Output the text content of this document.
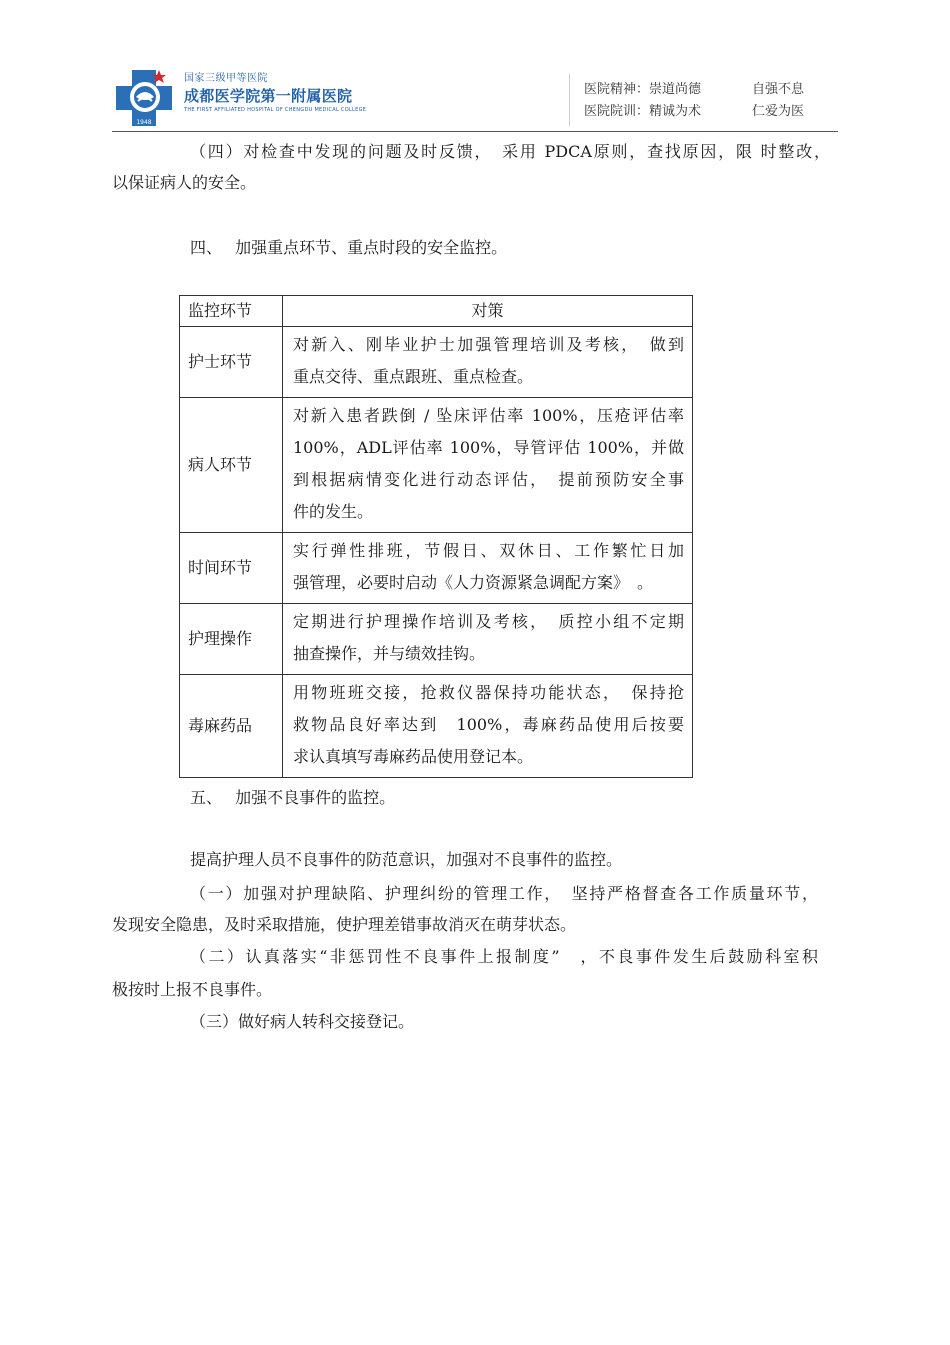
1948
国家三级甲等医院
成都医学院第一附属医院
THE FIRST AFFILIATED HOSPITAL OF CHENGDU MEDICAL COLLEGE
医院精神：崇道尚德	自强不息
医院院训：精诚为术	仁爱为医
（四）对检查中发现的问题及时反馈，　采用 PDCA原则，查找原因，限 时整改，
以保证病人的安全。
四、　 加强重点环节、重点时段的安全监控。
监控环节	对策
护士环节	对新入、刚毕业护士加强管理培训及考核，　做到
重点交待、重点跟班、重点检查。

病人环节	对新入患者跌倒 / 坠床评估率 100%，压疮评估率
100%，ADL评估率 100%，导管评估 100%，并做
到根据病情变化进行动态评估，　提前预防安全事
件的发生。

时间环节	实行弹性排班，节假日、双休日、工作繁忙日加
强管理，必要时启动《人力资源紧急调配方案》　。

护理操作	定期进行护理操作培训及考核，　质控小组不定期
抽查操作，并与绩效挂钩。

毒麻药品	用物班班交接，抢救仪器保持功能状态，　保持抢
救物品良好率达到　100%，毒麻药品使用后按要
求认真填写毒麻药品使用登记本。
五、　 加强不良事件的监控。
提高护理人员不良事件的防范意识，加强对不良事件的监控。
（一）加强对护理缺陷、护理纠纷的管理工作，　坚持严格督查各工作质量环节，
发现安全隐患，及时采取措施，使护理差错事故消灭在萌芽状态。
（二）认真落实“非惩罚性不良事件上报制度”　，不良事件发生后鼓励科室积
极按时上报不良事件。
（三）做好病人转科交接登记。
